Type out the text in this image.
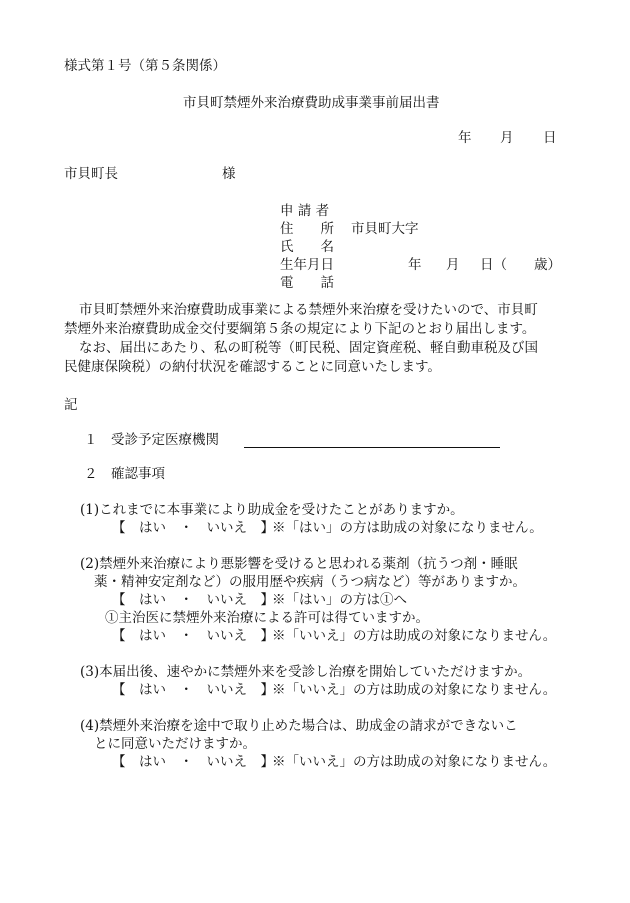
様式第１号（第５条関係）
市貝町禁煙外来治療費助成事業事前届出書
年 月 日
市貝町長	様
申 請 者
住　　所 市貝町大字
氏　　名
生年月日	年 月 日（ 歳）
電　　話
市貝町禁煙外来治療費助成事業による禁煙外来治療を受けたいので、市貝町
禁煙外来治療費助成金交付要綱第５条の規定により下記のとおり届出します。
なお、届出にあたり、私の町税等（町民税、固定資産税、軽自動車税及び国
民健康保険税）の納付状況を確認することに同意いたします。
記
１　受診予定医療機関
２　確認事項
(1)これまでに本事業により助成金を受けたことがありますか。
【　はい　・　いいえ　】
※「はい」の方は助成の対象になりません。
(2)禁煙外来治療により悪影響を受けると思われる薬剤（抗うつ剤・睡眠
薬・精神安定剤など）の服用歴や疾病（うつ病など）等がありますか。
【　はい　・　いいえ　】
※「はい」の方は①へ
①主治医に禁煙外来治療による許可は得ていますか。
【　はい　・　いいえ　】
※「いいえ」の方は助成の対象になりません。
(3)本届出後、速やかに禁煙外来を受診し治療を開始していただけますか。
【　はい　・　いいえ　】
※「いいえ」の方は助成の対象になりません。
(4)禁煙外来治療を途中で取り止めた場合は、助成金の請求ができないこ
とに同意いただけますか。
【　はい　・　いいえ　】
※「いいえ」の方は助成の対象になりません。
